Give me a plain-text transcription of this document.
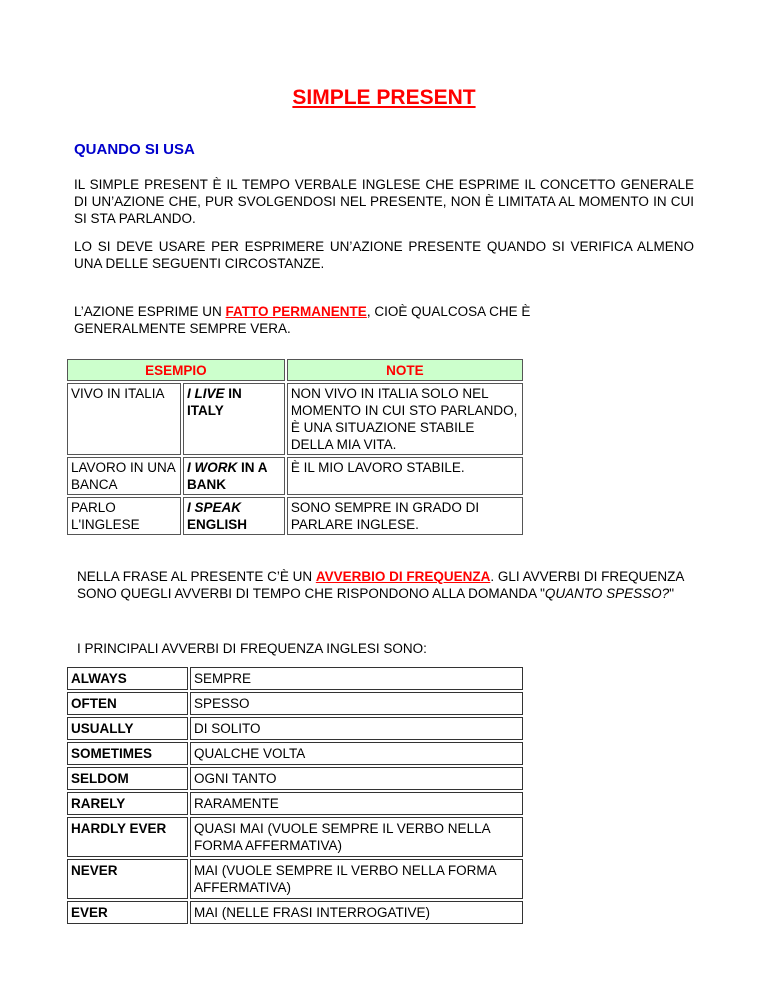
SIMPLE PRESENT
QUANDO SI USA
IL SIMPLE PRESENT È IL TEMPO VERBALE INGLESE CHE ESPRIME IL CONCETTO GENERALE DI UN’AZIONE CHE, PUR SVOLGENDOSI NEL PRESENTE, NON È LIMITATA AL MOMENTO IN CUI SI STA PARLANDO.
LO SI DEVE USARE PER ESPRIMERE UN’AZIONE PRESENTE QUANDO SI VERIFICA ALMENO UNA DELLE SEGUENTI CIRCOSTANZE.
L’AZIONE ESPRIME UN FATTO PERMANENTE, CIOÈ QUALCOSA CHE È GENERALMENTE SEMPRE VERA.
ESEMPIO		NOTE
VIVO IN ITALIA	I LIVE IN ITALY	NON VIVO IN ITALIA SOLO NEL MOMENTO IN CUI STO PARLANDO, È UNA SITUAZIONE STABILE DELLA MIA VITA.
LAVORO IN UNA BANCA	I WORK IN A BANK	È IL MIO LAVORO STABILE.
PARLO L'INGLESE	I SPEAK ENGLISH	SONO SEMPRE IN GRADO DI PARLARE INGLESE.
NELLA FRASE AL PRESENTE C’È UN AVVERBIO DI FREQUENZA. GLI AVVERBI DI FREQUENZA SONO QUEGLI AVVERBI DI TEMPO CHE RISPONDONO ALLA DOMANDA "QUANTO SPESSO?"
I PRINCIPALI AVVERBI DI FREQUENZA INGLESI SONO:
ALWAYS	SEMPRE
OFTEN	SPESSO
USUALLY	DI SOLITO
SOMETIMES	QUALCHE VOLTA
SELDOM	OGNI TANTO
RARELY	RARAMENTE
HARDLY EVER	QUASI MAI (VUOLE SEMPRE IL VERBO NELLA FORMA AFFERMATIVA)
NEVER	MAI (VUOLE SEMPRE IL VERBO NELLA FORMA AFFERMATIVA)
EVER	MAI (NELLE FRASI INTERROGATIVE)
